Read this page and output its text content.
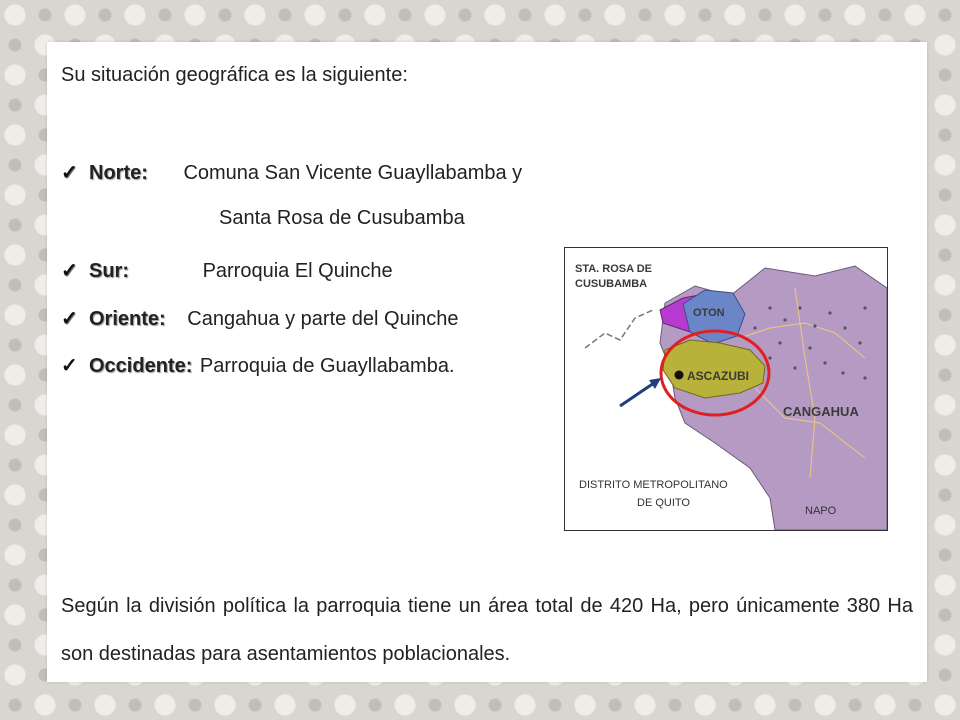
Su situación geográfica es la siguiente:
✓ Norte: Comuna San Vicente Guayllabamba y
Santa Rosa de Cusubamba
✓ Sur:	Parroquia El Quinche
✓ Oriente: Cangahua y parte del Quinche
✓ Occidente: Parroquia de Guayllabamba.
STA. ROSA DE
CUSUBAMBA
OTON
ASCAZUBI
CANGAHUA
DISTRITO METROPOLITANO
DE QUITO
NAPO
Según la división política la parroquia tiene un área total de 420 Ha, pero únicamente 380 Ha son destinadas para asentamientos poblacionales.
